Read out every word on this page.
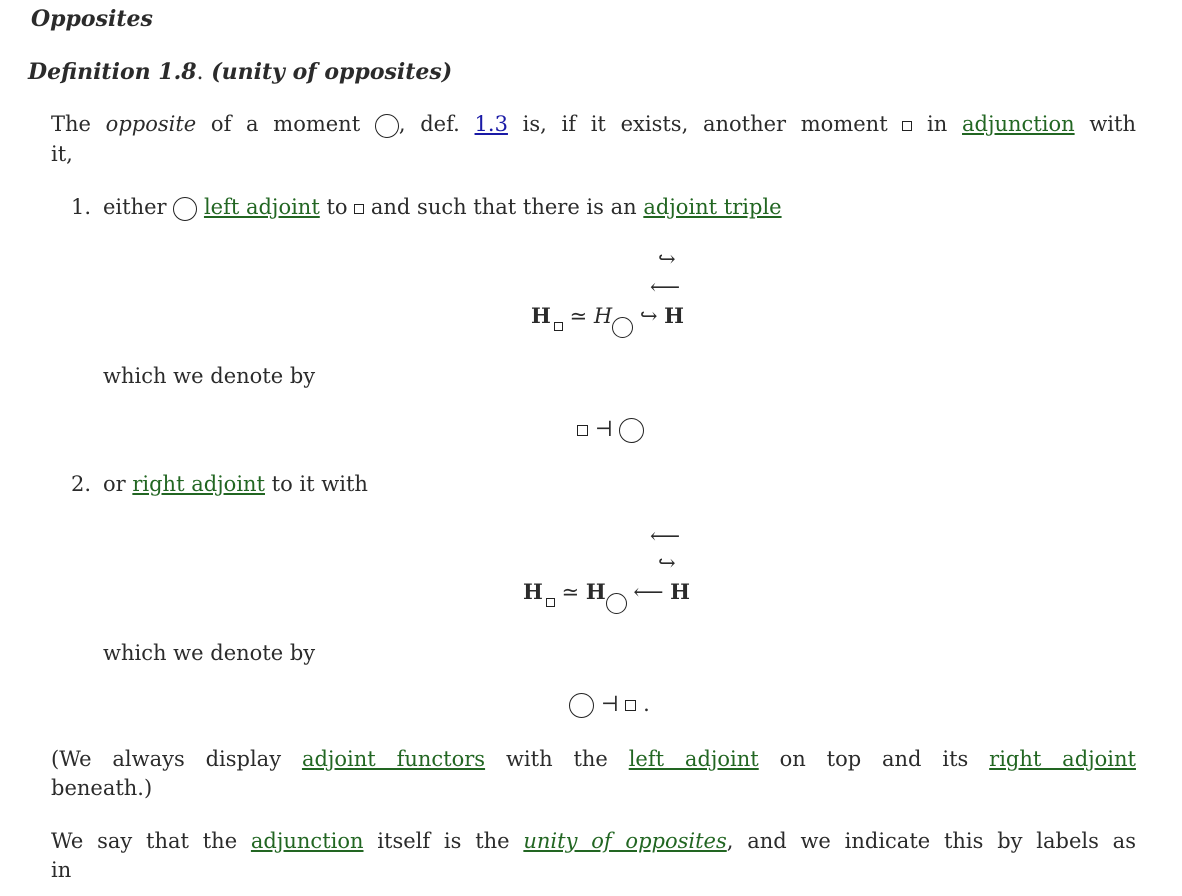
Opposites
Definition 1.8. (unity of opposites)
The opposite of a moment , def. 1.3 is, if it exists, another moment  in adjunction with
it,
1. either  left adjoint to  and such that there is an adjoint triple
↪
⟵
H ≃ H ↪ H
which we denote by
⊣
2. or right adjoint to it with
⟵
↪
H ≃ H ⟵ H
which we denote by
⊣ .
(We always display adjoint functors with the left adjoint on top and its right adjoint
beneath.)
We say that the adjunction itself is the unity of opposites, and we indicate this by labels as
in
